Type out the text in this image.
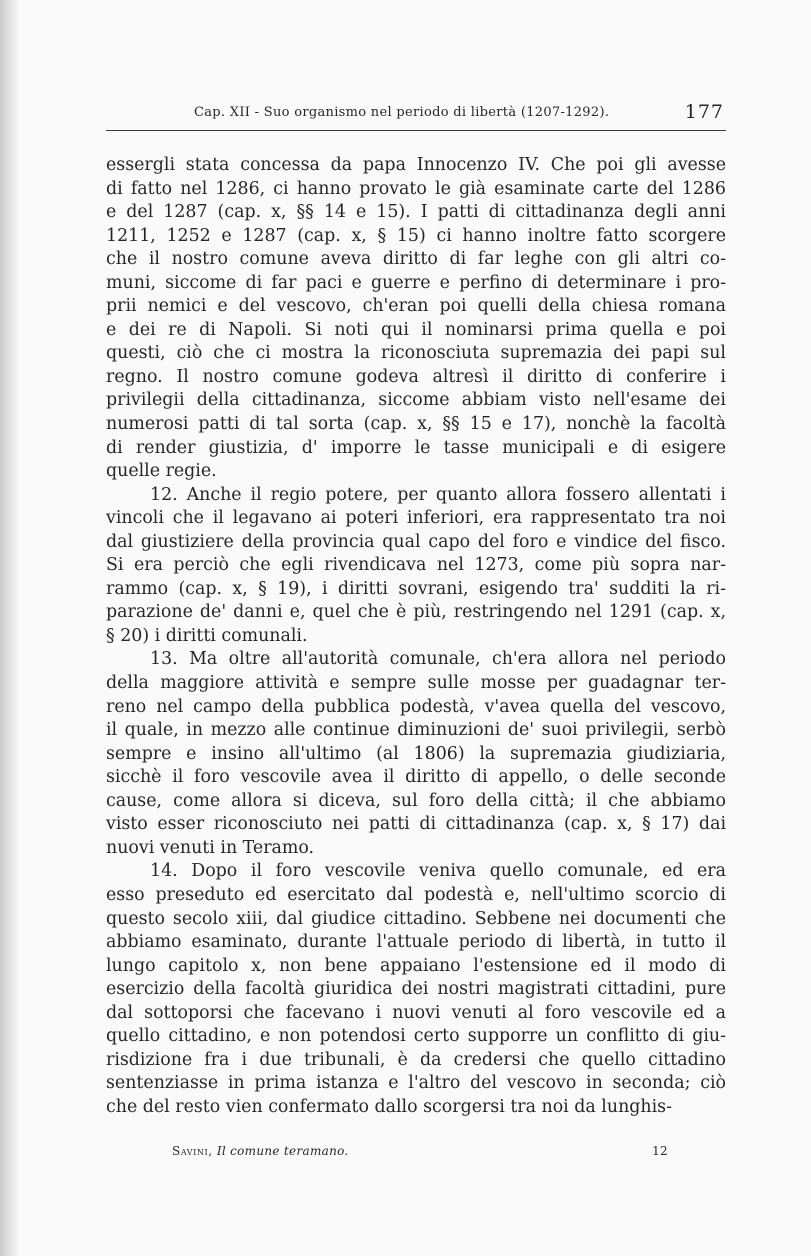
Cap. XII - Suo organismo nel periodo di libertà (1207-1292).	177
essergli stata concessa da papa Innocenzo IV. Che poi gli avesse
di fatto nel 1286, ci hanno provato le già esaminate carte del 1286
e del 1287 (cap. x, §§ 14 e 15). I patti di cittadinanza degli anni
1211, 1252 e 1287 (cap. x, § 15) ci hanno inoltre fatto scorgere
che il nostro comune aveva diritto di far leghe con gli altri co-
muni, siccome di far paci e guerre e perfino di determinare i pro-
prii nemici e del vescovo, ch'eran poi quelli della chiesa romana
e dei re di Napoli. Si noti qui il nominarsi prima quella e poi
questi, ciò che ci mostra la riconosciuta supremazia dei papi sul
regno. Il nostro comune godeva altresì il diritto di conferire i
privilegii della cittadinanza, siccome abbiam visto nell'esame dei
numerosi patti di tal sorta (cap. x, §§ 15 e 17), nonchè la facoltà
di render giustizia, d' imporre le tasse municipali e di esigere
quelle regie.
12. Anche il regio potere, per quanto allora fossero allentati i
vincoli che il legavano ai poteri inferiori, era rappresentato tra noi
dal giustiziere della provincia qual capo del foro e vindice del fisco.
Si era perciò che egli rivendicava nel 1273, come più sopra nar-
rammo (cap. x, § 19), i diritti sovrani, esigendo tra' sudditi la ri-
parazione de' danni e, quel che è più, restringendo nel 1291 (cap. x,
§ 20) i diritti comunali.
13. Ma oltre all'autorità comunale, ch'era allora nel periodo
della maggiore attività e sempre sulle mosse per guadagnar ter-
reno nel campo della pubblica podestà, v'avea quella del vescovo,
il quale, in mezzo alle continue diminuzioni de' suoi privilegii, serbò
sempre e insino all'ultimo (al 1806) la supremazia giudiziaria,
sicchè il foro vescovile avea il diritto di appello, o delle seconde
cause, come allora si diceva, sul foro della città; il che abbiamo
visto esser riconosciuto nei patti di cittadinanza (cap. x, § 17) dai
nuovi venuti in Teramo.
14. Dopo il foro vescovile veniva quello comunale, ed era
esso preseduto ed esercitato dal podestà e, nell'ultimo scorcio di
questo secolo xiii, dal giudice cittadino. Sebbene nei documenti che
abbiamo esaminato, durante l'attuale periodo di libertà, in tutto il
lungo capitolo x, non bene appaiano l'estensione ed il modo di
esercizio della facoltà giuridica dei nostri magistrati cittadini, pure
dal sottoporsi che facevano i nuovi venuti al foro vescovile ed a
quello cittadino, e non potendosi certo supporre un conflitto di giu-
risdizione fra i due tribunali, è da credersi che quello cittadino
sentenziasse in prima istanza e l'altro del vescovo in seconda; ciò
che del resto vien confermato dallo scorgersi tra noi da lunghis-
Savini, Il comune teramano.	12
